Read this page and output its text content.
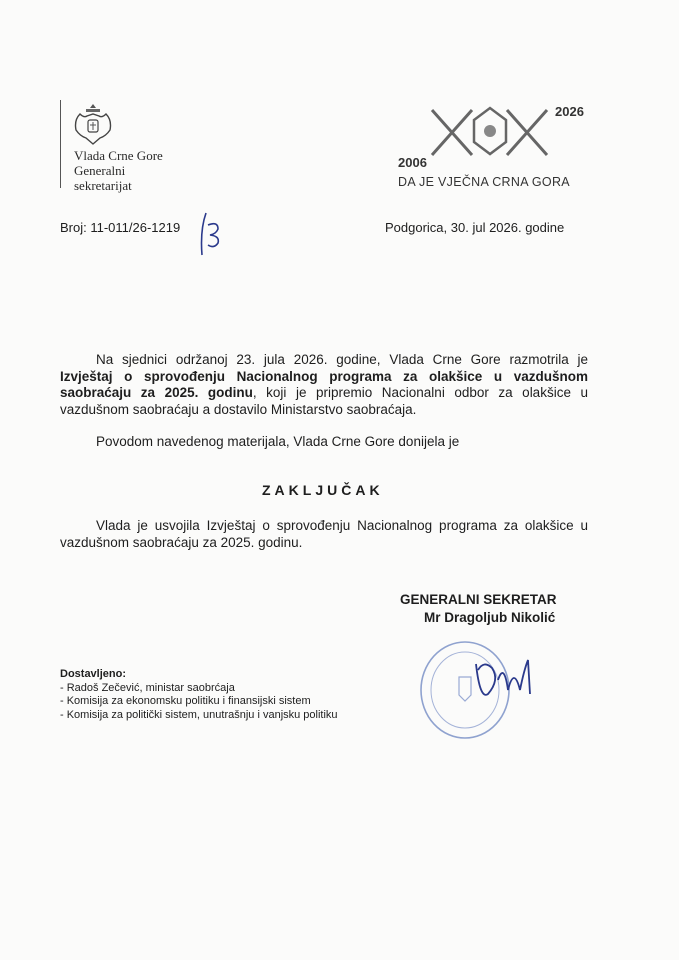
Vlada Crne Gore
Generalni
sekretarijat
2026
2006
DA JE VJEČNA CRNA GORA
Broj: 11-011/26-1219	Podgorica, 30. jul 2026. godine
Na sjednici održanoj 23. jula 2026. godine, Vlada Crne Gore razmotrila je Izvještaj o sprovođenju Nacionalnog programa za olakšice u vazdušnom saobraćaju za 2025. godinu, koji je pripremio Nacionalni odbor za olakšice u vazdušnom saobraćaju a dostavilo Ministarstvo saobraćaja.
Povodom navedenog materijala, Vlada Crne Gore donijela je
ZAKLJUČAK
Vlada je usvojila Izvještaj o sprovođenju Nacionalnog programa za olakšice u vazdušnom saobraćaju za 2025. godinu.
GENERALNI SEKRETAR
Mr Dragoljub Nikolić
Dostavljeno:
- Radoš Zečević, ministar saobrćaja
- Komisija za ekonomsku politiku i finansijski sistem
- Komisija za politički sistem, unutrašnju i vanjsku politiku
